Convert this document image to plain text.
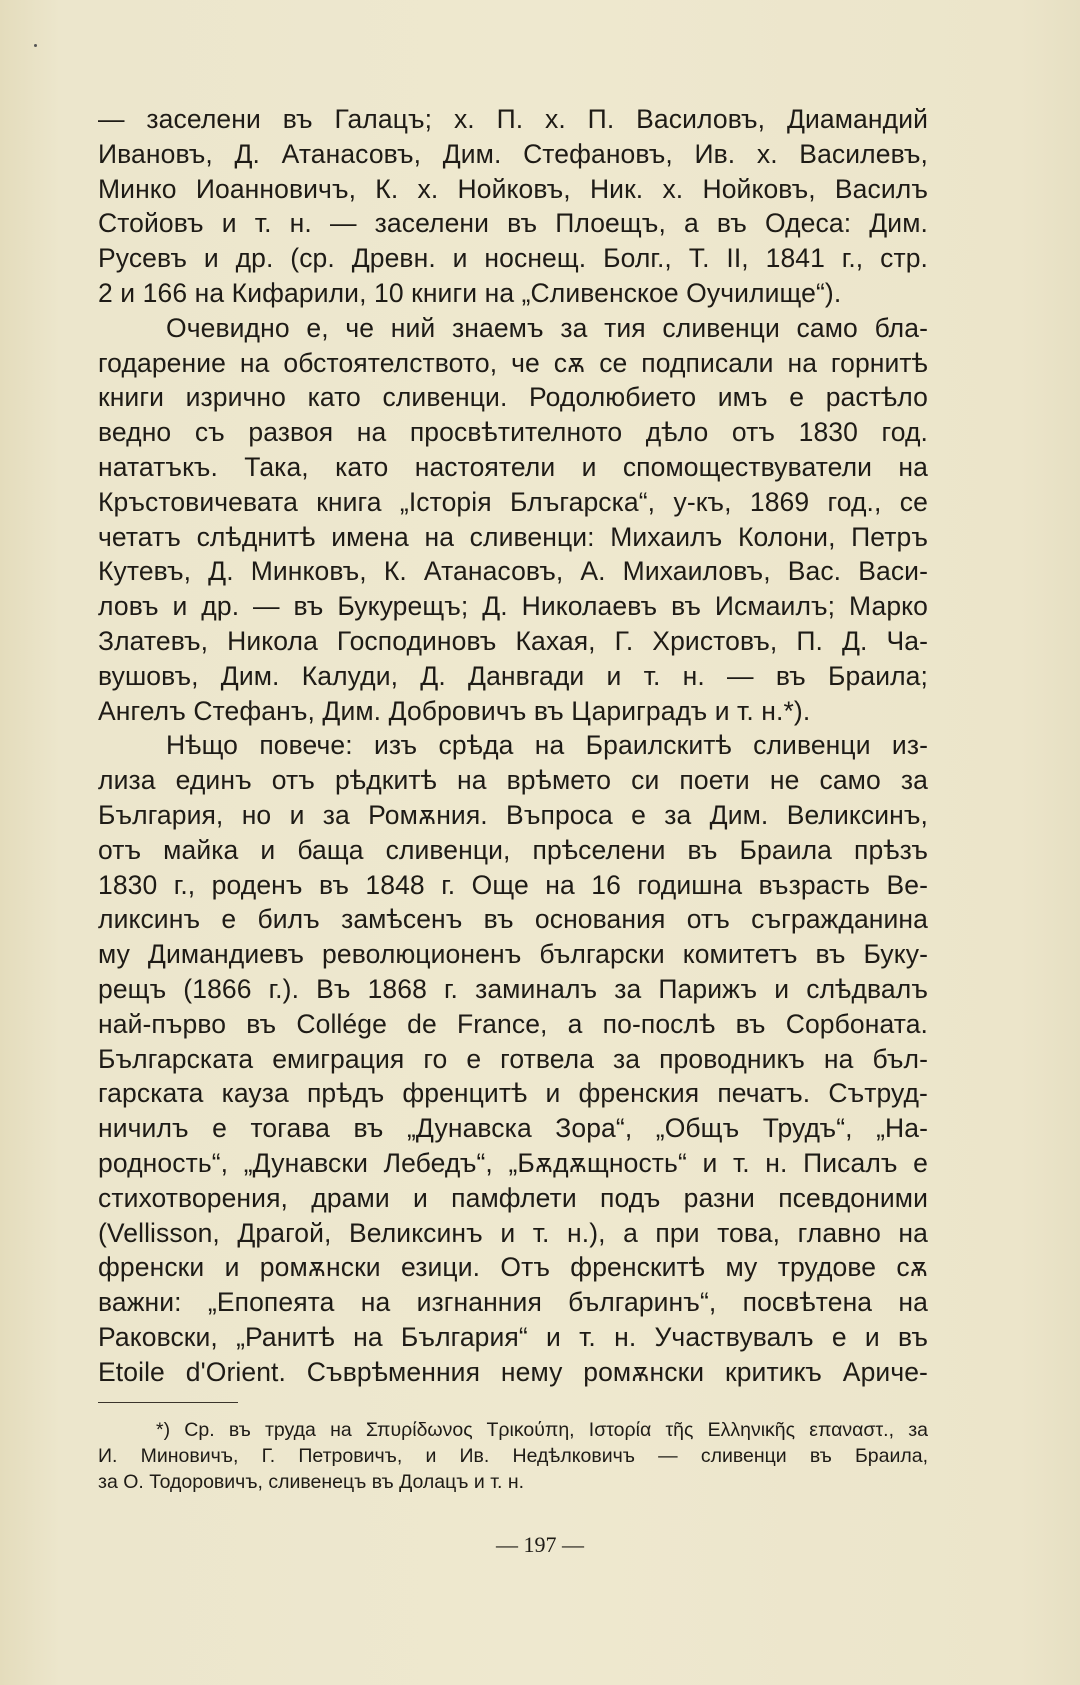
— заселени въ Галацъ; х. П. х. П. Василовъ, Диамандий
Ивановъ, Д. Атанасовъ, Дим. Стефановъ, Ив. х. Василевъ,
Минко Иоанновичъ, К. х. Нойковъ, Ник. х. Нойковъ, Василъ
Стойовъ и т. н. — заселени въ Плоещъ, а въ Одеса: Дим.
Русевъ и др. (ср. Древн. и носнещ. Болг., Т. II, 1841 г., стр.
2 и 166 на Кифарили, 10 книги на „Сливенское Оучилище“).
Очевидно е, че ний знаемъ за тия сливенци само бла-
годарение на обстоятелството, че сѫ се подписали на горнитѣ
книги изрично като сливенци. Родолюбието имъ е растѣло
ведно съ развоя на просвѣтителното дѣло отъ 1830 год.
нататъкъ. Така, като настоятели и спомоществуватели на
Кръстовичевата книга „Історія Блъгарска“, у-къ, 1869 год., се
четатъ слѣднитѣ имена на сливенци: Михаилъ Колони, Петръ
Кутевъ, Д. Минковъ, К. Атанасовъ, А. Михаиловъ, Вас. Васи-
ловъ и др. — въ Букурещъ; Д. Николаевъ въ Исмаилъ; Марко
Златевъ, Никола Господиновъ Кахая, Г. Христовъ, П. Д. Ча-
вушовъ, Дим. Калуди, Д. Данвгади и т. н. — въ Браила;
Ангелъ Стефанъ, Дим. Добровичъ въ Цариградъ и т. н.*).
Нѣщо повече: изъ срѣда на Браилскитѣ сливенци из-
лиза единъ отъ рѣдкитѣ на врѣмето си поети не само за
България, но и за Ромѫния. Въпроса е за Дим. Великсинъ,
отъ майка и баща сливенци, прѣселени въ Браила прѣзъ
1830 г., роденъ въ 1848 г. Още на 16 годишна възрасть Ве-
ликсинъ е билъ замѣсенъ въ основания отъ съгражданина
му Димандиевъ революционенъ български комитетъ въ Буку-
рещъ (1866 г.). Въ 1868 г. заминалъ за Парижъ и слѣдвалъ
най-първо въ Collége de France, а по-послѣ въ Сорбоната.
Българската емиграция го е готвела за проводникъ на бъл-
гарската кауза прѣдъ френцитѣ и френския печатъ. Сътруд-
ничилъ е тогава въ „Дунавска Зора“, „Общъ Трудъ“, „На-
родность“, „Дунавски Лебедъ“, „Бѫдѫщность“ и т. н. Писалъ е
стихотворения, драми и памфлети подъ разни псевдоними
(Vellisson, Драгой, Великсинъ и т. н.), а при това, главно на
френски и ромѫнски езици. Отъ френскитѣ му трудове сѫ
важни: „Епопеята на изгнанния българинъ“, посвѣтена на
Раковски, „Ранитѣ на България“ и т. н. Участвувалъ е и въ
Etoile d'Orient. Съврѣменния нему ромѫнски критикъ Ариче-
*) Ср. въ труда на Σπυρίδωνος Τρικούπη, Ιστορία τῆς Ελληνικῆς επαναστ., за
И. Миновичъ, Г. Петровичъ, и Ив. Недѣлковичъ — сливенци въ Браила,
за О. Тодоровичъ, сливенецъ въ Долацъ и т. н.
— 197 —
